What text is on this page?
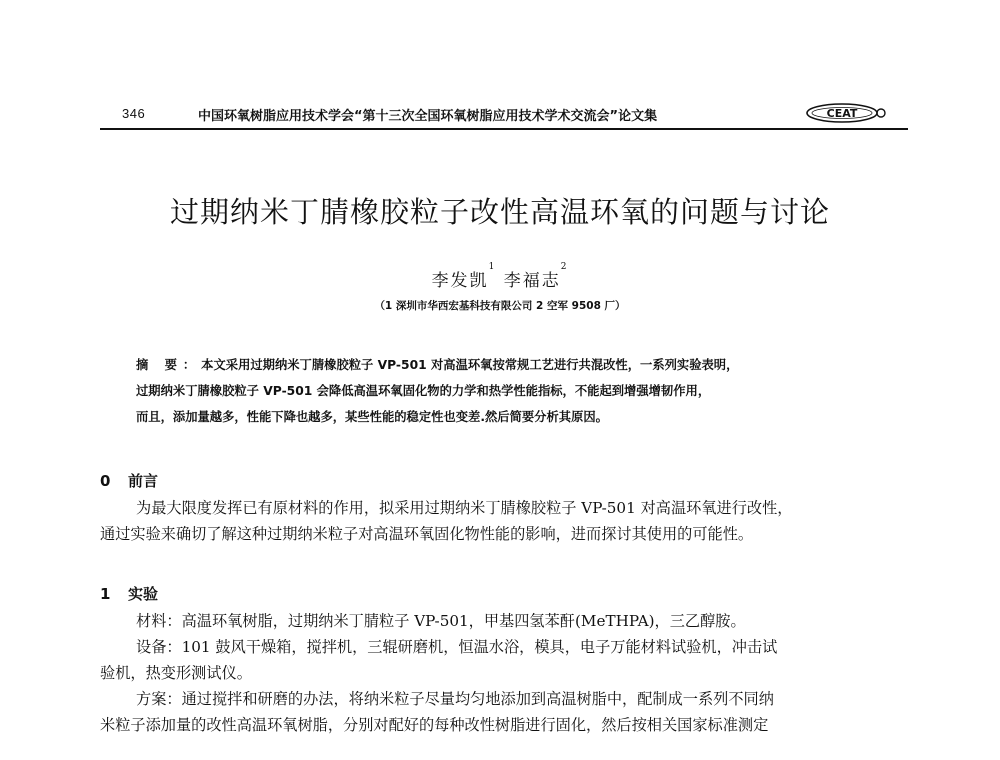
346	中国环氧树脂应用技术学会“第十三次全国环氧树脂应用技术学术交流会”论文集	CEAT
过期纳米丁腈橡胶粒子改性高温环氧的问题与讨论
李发凯$^1$ 李福志$^2$
（1 深圳市华西宏基科技有限公司 2 空军 9508 厂）
摘 要：本文采用过期纳米丁腈橡胶粒子 VP-501 对高温环氧按常规工艺进行共混改性，一系列实验表明，
过期纳米丁腈橡胶粒子 VP-501 会降低高温环氧固化物的力学和热学性能指标，不能起到增强增韧作用，
而且，添加量越多，性能下降也越多，某些性能的稳定性也变差.然后简要分析其原因。
0 前言
为最大限度发挥已有原材料的作用，拟采用过期纳米丁腈橡胶粒子 VP-501 对高温环氧进行改性，
通过实验来确切了解这种过期纳米粒子对高温环氧固化物性能的影响，进而探讨其使用的可能性。
1 实验
材料：高温环氧树脂，过期纳米丁腈粒子 VP-501，甲基四氢苯酐(MeTHPA)，三乙醇胺。
设备：101 鼓风干燥箱，搅拌机，三辊研磨机，恒温水浴，模具，电子万能材料试验机，冲击试
验机，热变形测试仪。
方案：通过搅拌和研磨的办法，将纳米粒子尽量均匀地添加到高温树脂中，配制成一系列不同纳
米粒子添加量的改性高温环氧树脂，分别对配好的每种改性树脂进行固化，然后按相关国家标准测定
